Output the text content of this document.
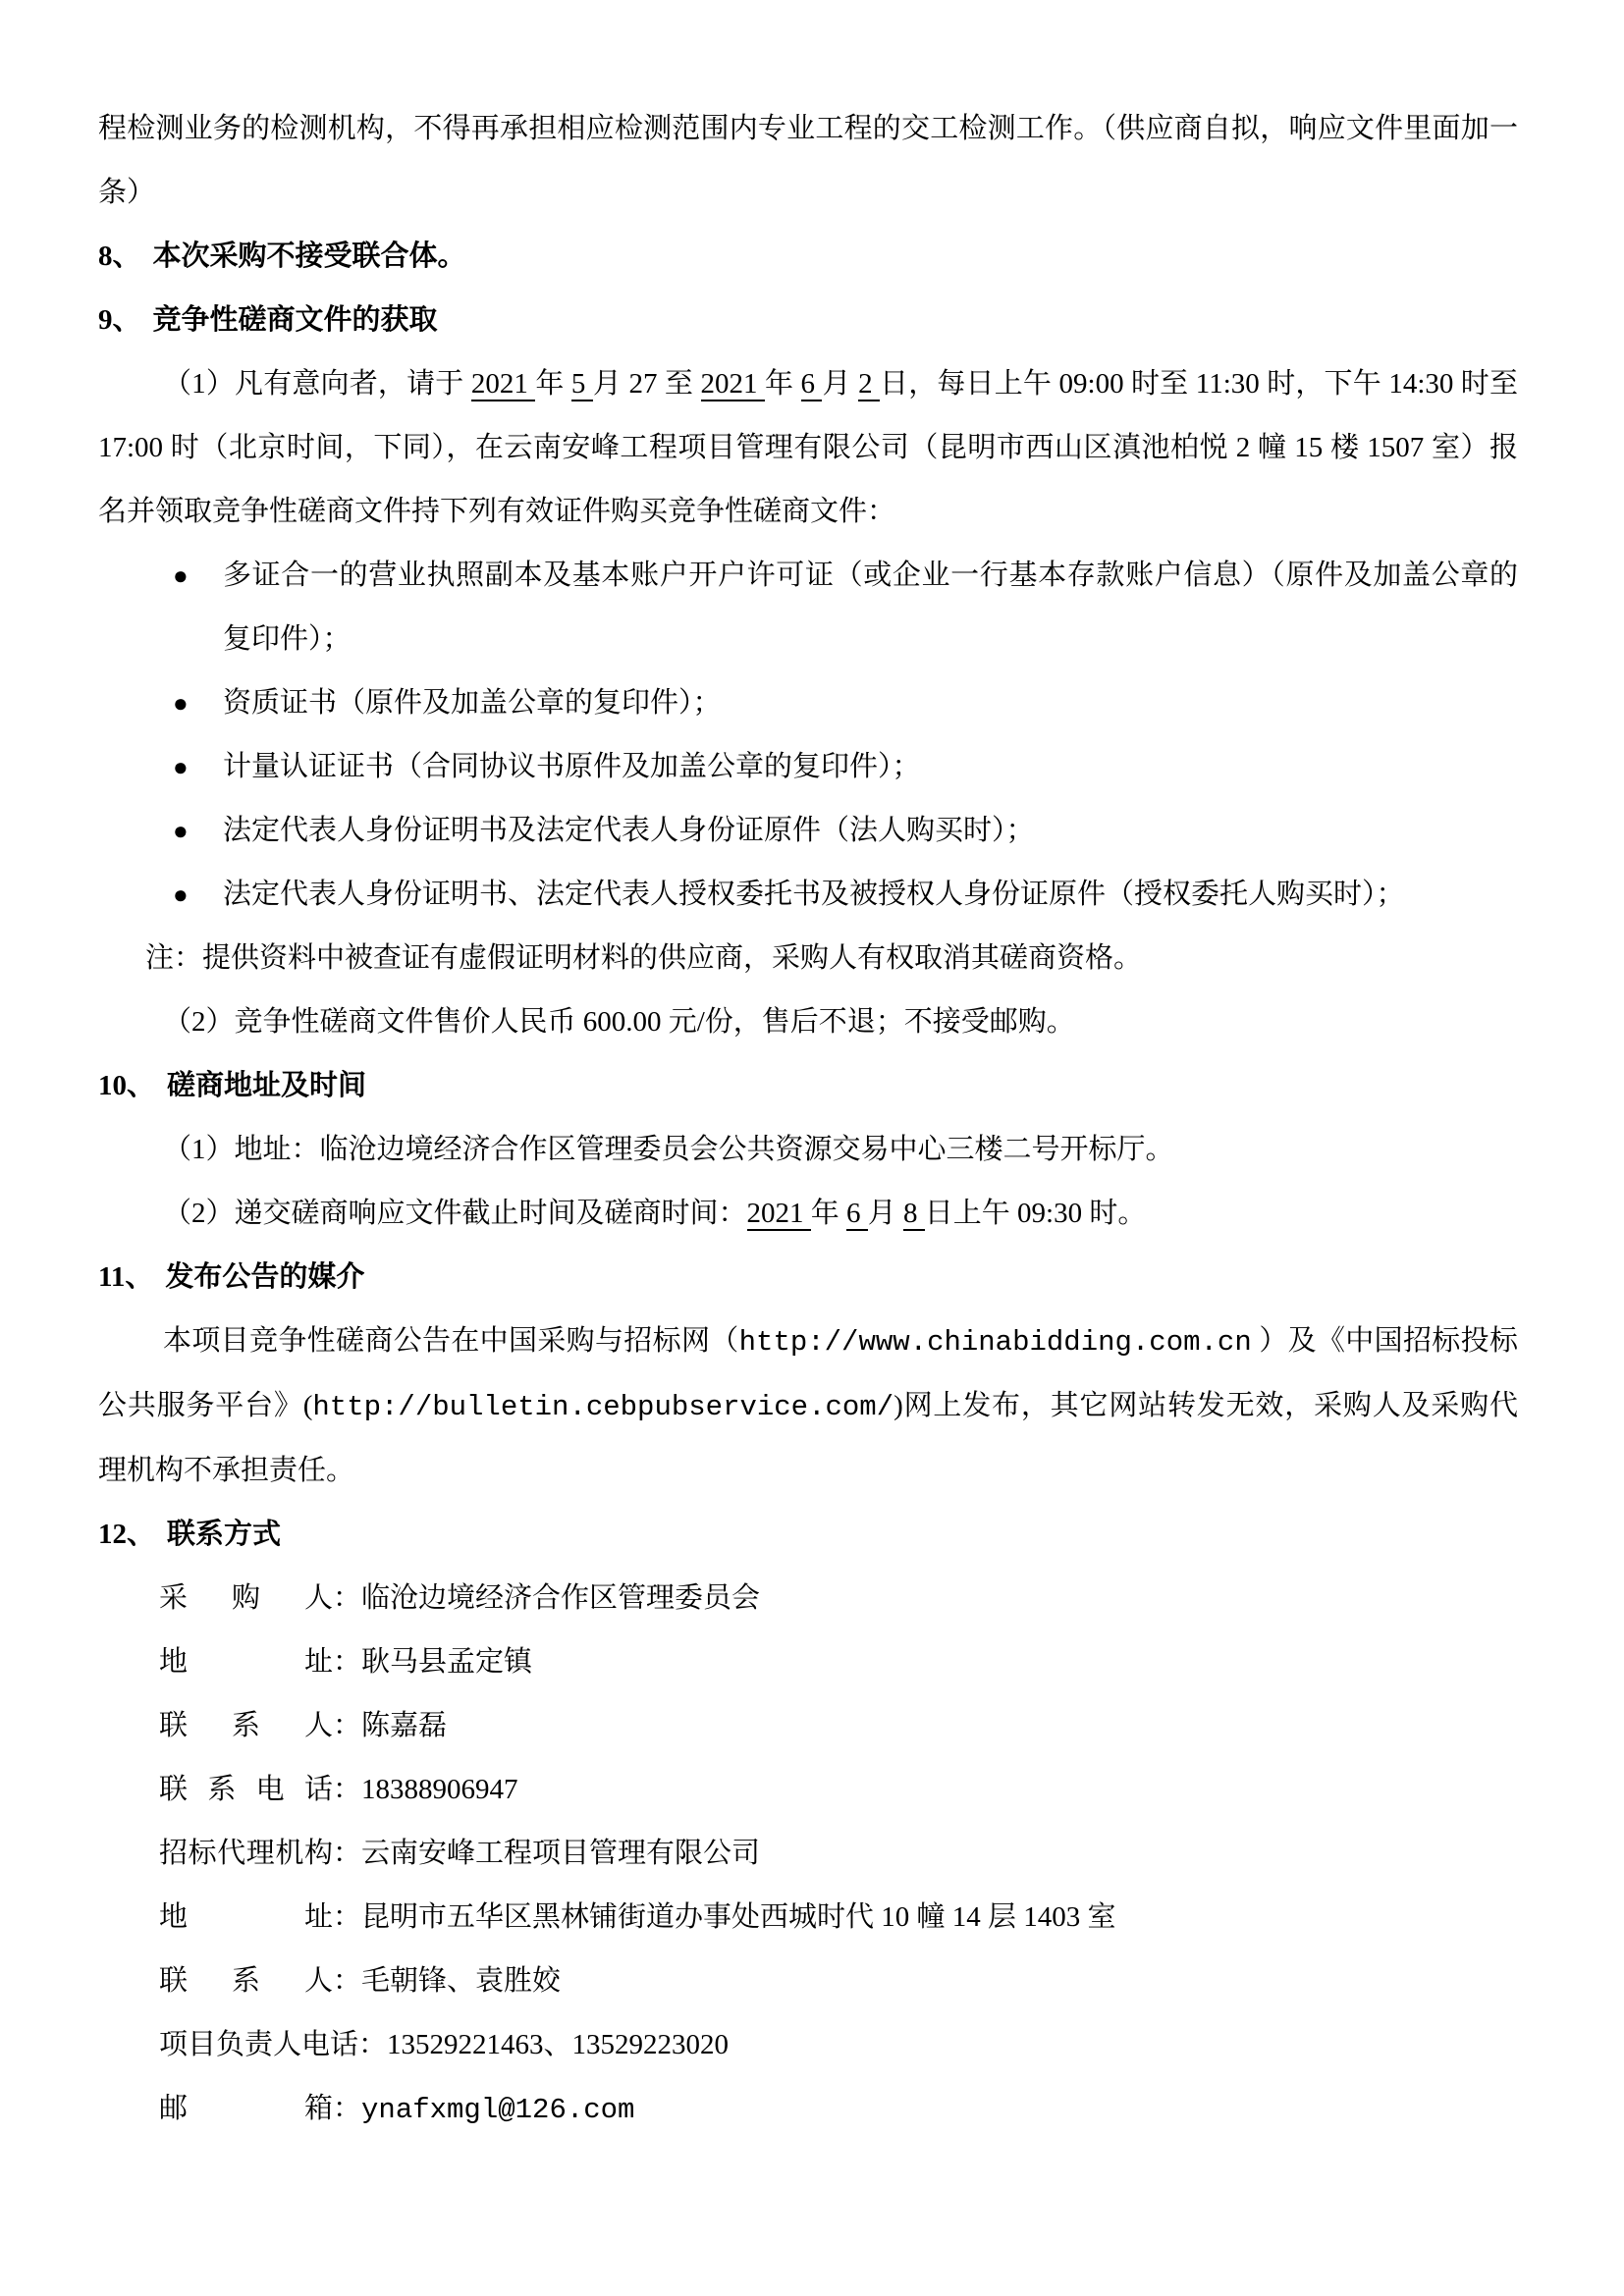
程检测业务的检测机构，不得再承担相应检测范围内专业工程的交工检测工作。（供应商自拟，响应文件里面加一条）
8、 本次采购不接受联合体。
9、 竞争性磋商文件的获取
（1）凡有意向者，请于 2021 年 5 月 27 至 2021 年 6 月 2 日，每日上午 09:00 时至 11:30 时，下午 14:30 时至 17:00 时（北京时间，下同），在云南安峰工程项目管理有限公司（昆明市西山区滇池柏悦 2 幢 15 楼 1507 室）报名并领取竞争性磋商文件持下列有效证件购买竞争性磋商文件：
● 多证合一的营业执照副本及基本账户开户许可证（或企业一行基本存款账户信息）（原件及加盖公章的复印件）；
● 资质证书（原件及加盖公章的复印件）；
● 计量认证证书（合同协议书原件及加盖公章的复印件）；
● 法定代表人身份证明书及法定代表人身份证原件（法人购买时）；
● 法定代表人身份证明书、法定代表人授权委托书及被授权人身份证原件（授权委托人购买时）；
注：提供资料中被查证有虚假证明材料的供应商，采购人有权取消其磋商资格。
（2）竞争性磋商文件售价人民币 600.00 元/份，售后不退；不接受邮购。
10、 磋商地址及时间
（1）地址：临沧边境经济合作区管理委员会公共资源交易中心三楼二号开标厅。
（2）递交磋商响应文件截止时间及磋商时间：2021 年 6 月 8 日上午 09:30 时。
11、 发布公告的媒介
本项目竞争性磋商公告在中国采购与招标网（http://www.chinabidding.com.cn ）及《中国招标投标公共服务平台》(http://bulletin.cebpubservice.com/)网上发布，其它网站转发无效，采购人及采购代理机构不承担责任。
12、 联系方式
采　购　人：临沧边境经济合作区管理委员会
地　　　址：耿马县孟定镇
联　系　人：陈嘉磊
联 系 电 话：18388906947
招标代理机构：云南安峰工程项目管理有限公司
地　　　址：昆明市五华区黑林铺街道办事处西城时代 10 幢 14 层 1403 室
联　系　人：毛朝锋、袁胜姣
项目负责人电话：13529221463、13529223020
邮　　　箱：ynafxmgl@126.com
